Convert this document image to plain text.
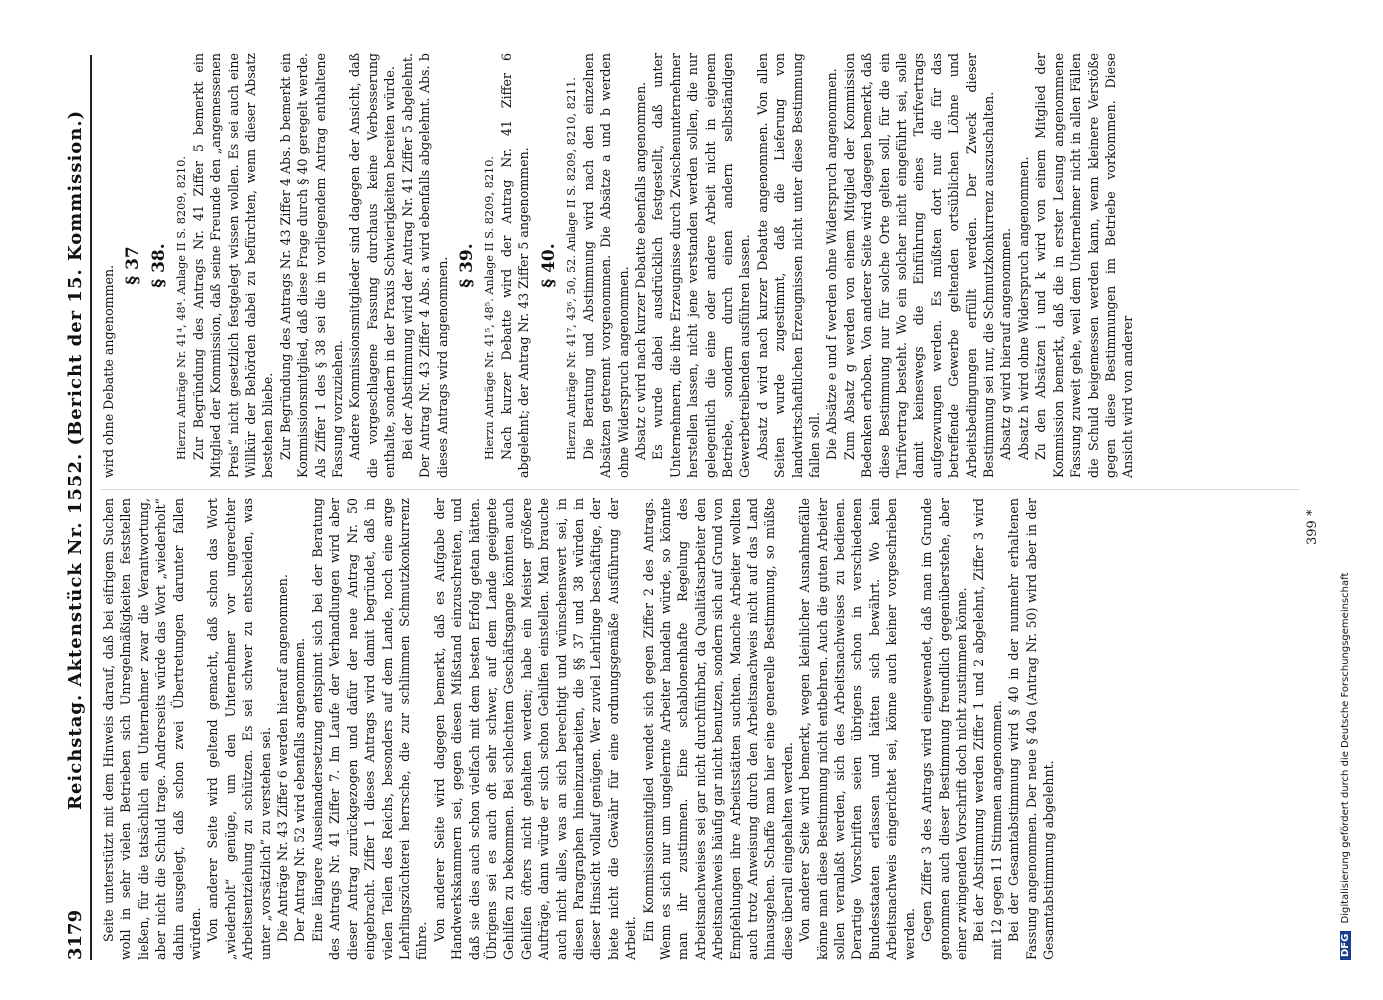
3179
Reichstag. Aktenstück Nr. 1552. (Bericht der 15. Kommission.) Seite unterstützt mit dem Hinweis darauf, daß bei eifrigem Suchen wohl in sehr vielen Betrieben sich Unregelmäßigkeiten feststellen ließen, für die tatsächlich ein Unternehmer zwar die Verantwortung, aber nicht die Schuld trage. Andrerseits würde das Wort „wiederholt“ dahin ausgelegt, daß schon zwei Übertretungen darunter fallen würden. Von anderer Seite wird geltend gemacht, daß schon das Wort „wiederholt“ genüge, um den Unternehmer vor ungerechter Arbeitsentziehung zu schützen. Es sei schwer zu entscheiden, was unter „vorsätzlich“ zu verstehen sei. Die Anträge Nr. 43 Ziffer 6 werden hierauf angenommen. Der Antrag Nr. 52 wird ebenfalls angenommen. Eine längere Auseinandersetzung entspinnt sich bei der Beratung des Antrags Nr. 41 Ziffer 7. Im Laufe der Verhandlungen wird aber dieser Antrag zurückgezogen und dafür der neue Antrag Nr. 50 eingebracht. Ziffer 1 dieses Antrags wird damit begründet, daß in vielen Teilen des Reichs, besonders auf dem Lande, noch eine arge Lehrlingszüchterei herrsche, die zur schlimmen Schmutzkonkurrenz führe. Von anderer Seite wird dagegen bemerkt, daß es Aufgabe der Handwerkskammern sei, gegen diesen Mißstand einzuschreiten, und daß sie dies auch schon vielfach mit dem besten Erfolg getan hätten. Übrigens sei es auch oft sehr schwer, auf dem Lande geeignete Gehilfen zu bekommen. Bei schlechtem Geschäftsgange könnten auch Gehilfen öfters nicht gehalten werden; habe ein Meister größere Aufträge, dann würde er sich schon Gehilfen einstellen. Man brauche auch nicht alles, was an sich berechtigt und wünschenswert sei, in diesen Paragraphen hineinzuarbeiten, die §§ 37 und 38 würden in dieser Hinsicht vollauf genügen. Wer zuviel Lehrlinge beschäftige, der biete nicht die Gewähr für eine ordnungsgemäße Ausführung der Arbeit. Ein Kommissionsmitglied wendet sich gegen Ziffer 2 des Antrags. Wenn es sich nur um ungelernte Arbeiter handeln würde, so könnte man ihr zustimmen. Eine schablonenhafte Regelung des Arbeitsnachweises sei gar nicht durchführbar, da Qualitätsarbeiter den Arbeitsnachweis häufig gar nicht benutzen, sondern sich auf Grund von Empfehlungen ihre Arbeitsstätten suchten. Manche Arbeiter wollten auch trotz Anweisung durch den Arbeitsnachweis nicht auf das Land hinausgehen. Schaffe man hier eine generelle Bestimmung, so müßte diese überall eingehalten werden. Von anderer Seite wird bemerkt, wegen kleinlicher Ausnahmefälle könne man diese Bestimmung nicht entbehren. Auch die guten Arbeiter sollen veranlaßt werden, sich des Arbeitsnachweises zu bedienen. Derartige Vorschriften seien übrigens schon in verschiedenen Bundesstaaten erlassen und hätten sich bewährt. Wo kein Arbeitsnachweis eingerichtet sei, könne auch keiner vorgeschrieben werden. Gegen Ziffer 3 des Antrags wird eingewendet, daß man im Grunde genommen auch dieser Bestimmung freundlich gegenüberstehe, aber einer zwingenden Vorschrift doch nicht zustimmen könne. Bei der Abstimmung werden Ziffer 1 und 2 abgelehnt, Ziffer 3 wird mit 12 gegen 11 Stimmen angenommen. Bei der Gesamtabstimmung wird § 40 in der nunmehr erhaltenen Fassung angenommen. Der neue § 40a (Antrag Nr. 50) wird aber in der Gesamtabstimmung abgelehnt.

wird ohne Debatte angenommen. § 37 § 38. Hierzu Anträge Nr. 41⁴, 48⁴. Anlage II S. 8209, 8210. Zur Begründung des Antrags Nr. 41 Ziffer 5 bemerkt ein Mitglied der Kommission, daß seine Freunde den „angemessenen Preis“ nicht gesetzlich festgelegt wissen wollen. Es sei auch eine Willkür der Behörden dabei zu befürchten, wenn dieser Absatz bestehen bliebe. Zur Begründung des Antrags Nr. 43 Ziffer 4 Abs. b bemerkt ein Kommissionsmitglied, daß diese Frage durch § 40 geregelt werde. Als Ziffer 1 des § 38 sei die in vorliegendem Antrag enthaltene Fassung vorzuziehen. Andere Kommissionsmitglieder sind dagegen der Ansicht, daß die vorgeschlagene Fassung durchaus keine Verbesserung enthalte, sondern in der Praxis Schwierigkeiten bereiten würde. Bei der Abstimmung wird der Antrag Nr. 41 Ziffer 5 abgelehnt. Der Antrag Nr. 43 Ziffer 4 Abs. a wird ebenfalls abgelehnt. Abs. b dieses Antrags wird angenommen. § 39. Hierzu Anträge Nr. 41⁵, 48⁵. Anlage II S. 8209, 8210. Nach kurzer Debatte wird der Antrag Nr. 41 Ziffer 6 abgelehnt; der Antrag Nr. 43 Ziffer 5 angenommen. § 40. Hierzu Anträge Nr. 41⁷, 43⁶, 50, 52. Anlage II S. 8209, 8210, 8211. Die Beratung und Abstimmung wird nach den einzelnen Absätzen getrennt vorgenommen. Die Absätze a und b werden ohne Widerspruch angenommen. Absatz c wird nach kurzer Debatte ebenfalls angenommen. Es wurde dabei ausdrücklich festgestellt, daß unter Unternehmern, die ihre Erzeugnisse durch Zwischenunternehmer herstellen lassen, nicht jene verstanden werden sollen, die nur gelegentlich die eine oder andere Arbeit nicht in eigenem Betriebe, sondern durch einen andern selbständigen Gewerbetreibenden ausführen lassen. Absatz d wird nach kurzer Debatte angenommen. Von allen Seiten wurde zugestimmt, daß die Lieferung von landwirtschaftlichen Erzeugnissen nicht unter diese Bestimmung fallen soll. Die Absätze e und f werden ohne Widerspruch angenommen. Zum Absatz g werden von einem Mitglied der Kommission Bedenken erhoben. Von anderer Seite wird dagegen bemerkt, daß diese Bestimmung nur für solche Orte gelten soll, für die ein Tarifvertrag besteht. Wo ein solcher nicht eingeführt sei, solle damit keineswegs die Einführung eines Tarifvertrags aufgezwungen werden. Es müßten dort nur die für das betreffende Gewerbe geltenden ortsüblichen Löhne und Arbeitsbedingungen erfüllt werden. Der Zweck dieser Bestimmung sei nur, die Schmutzkonkurrenz auszuschalten. Absatz g wird hierauf angenommen. Absatz h wird ohne Widerspruch angenommen. Zu den Absätzen i und k wird von einem Mitglied der Kommission bemerkt, daß die in erster Lesung angenommene Fassung zuweit gehe, weil dem Unternehmer nicht in allen Fällen die Schuld beigemessen werden kann, wenn kleinere Verstöße gegen diese Bestimmungen im Betriebe vorkommen. Diese Ansicht wird von anderer

399 *
DFG Digitalisierung gefördert durch die Deutsche Forschungsgemeinschaft
